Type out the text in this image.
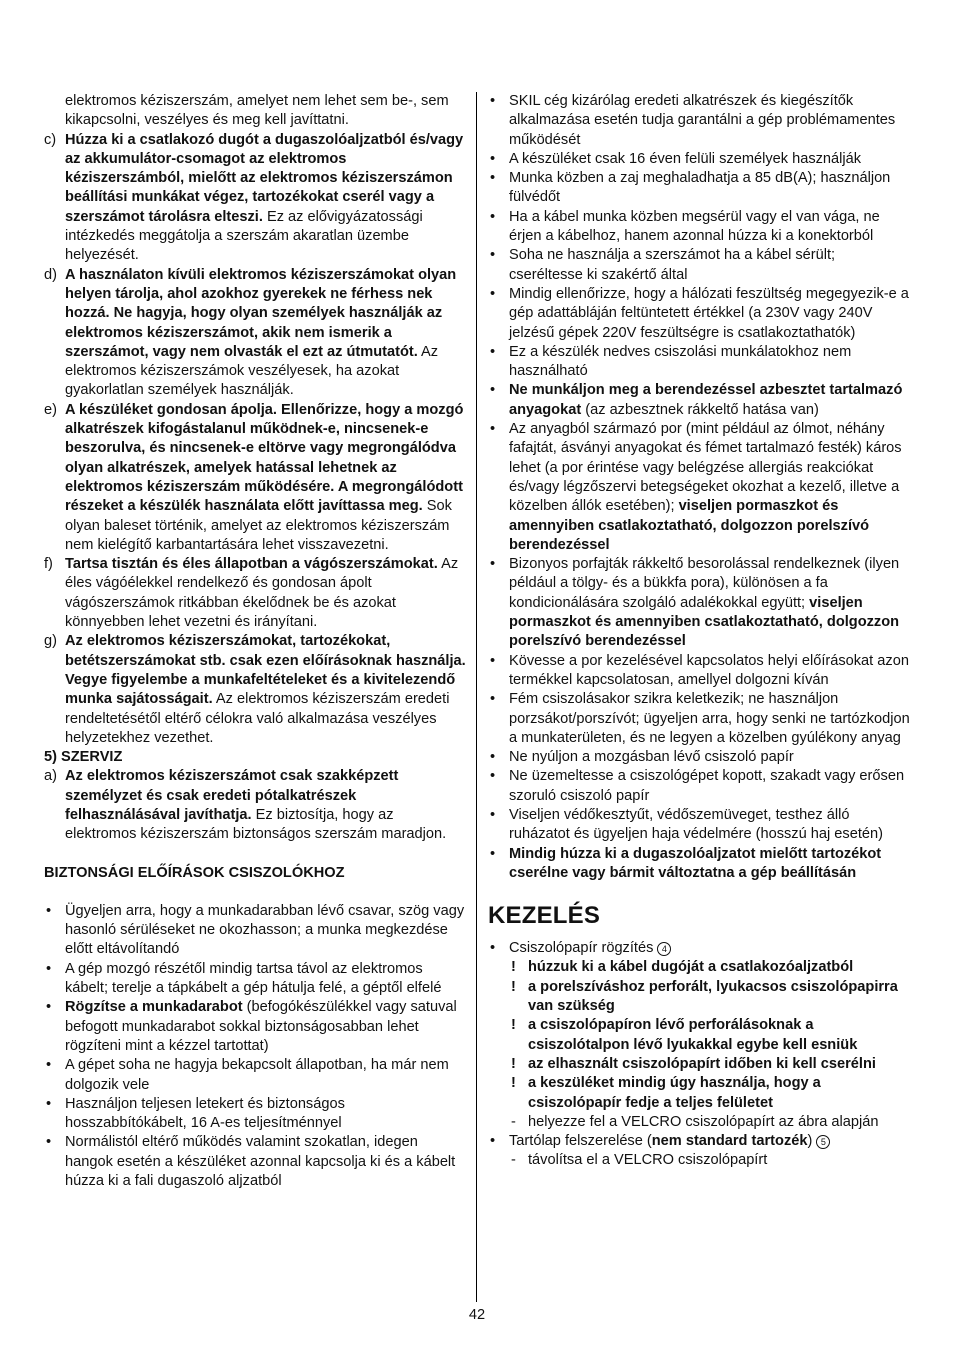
elektromos kéziszerszám, amelyet nem lehet sem be-, sem kikapcsolni, veszélyes és meg kell javíttatni.

c) Húzza ki a csatlakozó dugót a dugaszolóaljzatból és/vagy az akkumulátor-csomagot az elektromos kéziszerszámból, mielőtt az elektromos kéziszerszámon beállítási munkákat végez, tartozékokat cserél vagy a szerszámot tárolásra elteszi. Ez az elővigyázatossági intézkedés meggátolja a szerszám akaratlan üzembe helyezését.

d) A használaton kívüli elektromos kéziszerszámokat olyan helyen tárolja, ahol azokhoz gyerekek ne férhess nek hozzá. Ne hagyja, hogy olyan személyek használják az elektromos kéziszerszámot, akik nem ismerik a szerszámot, vagy nem olvasták el ezt az útmutatót. Az elektromos kéziszerszámok veszélyesek, ha azokat gyakorlatlan személyek használják.

e) A készüléket gondosan ápolja. Ellenőrizze, hogy a mozgó alkatrészek kifogástalanul működnek-e, nincsenek-e beszorulva, és nincsenek-e eltörve vagy megrongálódva olyan alkatrészek, amelyek hatással lehetnek az elektromos kéziszerszám működésére. A megrongálódott részeket a készülék használata előtt javíttassa meg. Sok olyan baleset történik, amelyet az elektromos kéziszerszám nem kielégítő karbantartására lehet visszavezetni.

f) Tartsa tisztán és éles állapotban a vágószerszámokat. Az éles vágóélekkel rendelkező és gondosan ápolt vágószerszámok ritkábban ékelődnek be és azokat könnyebben lehet vezetni és irányítani.

g) Az elektromos kéziszerszámokat, tartozékokat, betétszerszámokat stb. csak ezen előírásoknak használja. Vegye figyelembe a munkafeltételeket és a kivitelezendő munka sajátosságait. Az elektromos kéziszerszám eredeti rendeltetésétől eltérő célokra való alkalmazása veszélyes helyzetekhez vezethet.

5) SZERVIZ

a) Az elektromos kéziszerszámot csak szakképzett személyzet és csak eredeti pótalkatrészek felhasználásával javíthatja. Ez biztosítja, hogy az elektromos kéziszerszám biztonságos szerszám maradjon.

BIZTONSÁGI ELŐÍRÁSOK CSISZOLÓKHOZ

• Ügyeljen arra, hogy a munkadarabban lévő csavar, szög vagy hasonló sérüléseket ne okozhasson; a munka megkezdése előtt eltávolítandó

• A gép mozgó részétől mindig tartsa távol az elektromos kábelt; terelje a tápkábelt a gép hátulja felé, a géptől elfelé

• Rögzítse a munkadarabot (befogókészülékkel vagy satuval befogott munkadarabot sokkal biztonságosabban lehet rögzíteni mint a kézzel tartottat)

• A gépet soha ne hagyja bekapcsolt állapotban, ha már nem dolgozik vele

• Használjon teljesen letekert és biztonságos hosszabbítókábelt, 16 A-es teljesítménnyel

• Normálistól eltérő működés valamint szokatlan, idegen hangok esetén a készüléket azonnal kapcsolja ki és a kábelt húzza ki a fali dugaszoló aljzatból

• SKIL cég kizárólag eredeti alkatrészek és kiegészítők alkalmazása esetén tudja garantálni a gép problémamentes működését

• A készüléket csak 16 éven felüli személyek használják

• Munka közben a zaj meghaladhatja a 85 dB(A); használjon fülvédőt

• Ha a kábel munka közben megsérül vagy el van vága, ne érjen a kábelhoz, hanem azonnal húzza ki a konektorból

• Soha ne használja a szerszámot ha a kábel sérült; cseréltesse ki szakértő által

• Mindig ellenőrizze, hogy a hálózati feszültség megegyezik-e a gép adattábláján feltüntetett értékkel (a 230V vagy 240V jelzésű gépek 220V feszültségre is csatlakoztathatók)

• Ez a készülék nedves csiszolási munkálatokhoz nem használható

• Ne munkáljon meg a berendezéssel azbesztet tartalmazó anyagokat (az azbesztnek rákkeltő hatása van)

• Az anyagból származó por (mint például az ólmot, néhány fafajtát, ásványi anyagokat és fémet tartalmazó festék) káros lehet (a por érintése vagy belégzése allergiás reakciókat és/vagy légzőszervi betegségeket okozhat a kezelő, illetve a közelben állók esetében); viseljen pormaszkot és amennyiben csatlakoztatható, dolgozzon porelszívó berendezéssel

• Bizonyos porfajták rákkeltő besorolással rendelkeznek (ilyen például a tölgy- és a bükkfa pora), különösen a fa kondicionálására szolgáló adalékokkal együtt; viseljen pormaszkot és amennyiben csatlakoztatható, dolgozzon porelszívó berendezéssel

• Kövesse a por kezelésével kapcsolatos helyi előírásokat azon termékkel kapcsolatosan, amellyel dolgozni kíván

• Fém csiszolásakor szikra keletkezik; ne használjon porzsákot/porszívót; ügyeljen arra, hogy senki ne tartózkodjon a munkaterületen, és ne legyen a közelben gyúlékony anyag

• Ne nyúljon a mozgásban lévő csiszoló papír

• Ne üzemeltesse a csiszológépet kopott, szakadt vagy erősen szoruló csiszoló papír

• Viseljen védőkesztyűt, védőszemüveget, testhez álló ruházatot és ügyeljen haja védelmére (hosszú haj esetén)

• Mindig húzza ki a dugaszolóaljzatot mielőtt tartozékot cserélne vagy bármit változtatna a gép beállításán

KEZELÉS

• Csiszolópapír rögzítés 4

! húzzuk ki a kábel dugóját a csatlakozóaljzatból

! a porelszíváshoz perforált, lyukacsos csiszolópapirra van szükség

! a csiszolópapíron lévő perforálásoknak a csiszolótalpon lévő lyukakkal egybe kell esniük

! az elhasznált csiszolópapírt időben ki kell cserélni

! a keszüléket mindig úgy használja, hogy a csiszolópapír fedje a teljes felületet

- helyezze fel a VELCRO csiszolópapírt az ábra alapján

• Tartólap felszerelése (nem standard tartozék) 5

- távolítsa el a VELCRO csiszolópapírt

42
